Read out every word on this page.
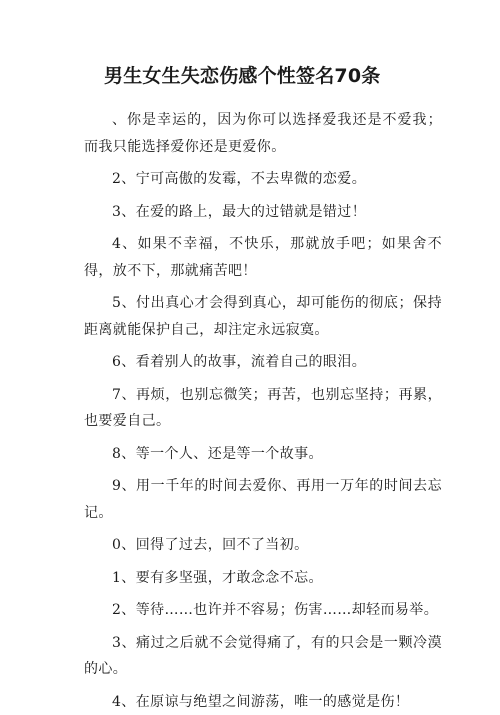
男生女生失恋伤感个性签名70条

、你是幸运的，因为你可以选择爱我还是不爱我；而我只能选择爱你还是更爱你。

2、宁可高傲的发霉，不去卑微的恋爱。

3、在爱的路上，最大的过错就是错过！

4、如果不幸福，不快乐，那就放手吧；如果舍不得，放不下，那就痛苦吧！

5、付出真心才会得到真心，却可能伤的彻底；保持距离就能保护自己，却注定永远寂寞。

6、看着别人的故事，流着自己的眼泪。

7、再烦，也别忘微笑；再苦，也别忘坚持；再累，也要爱自己。

8、等一个人、还是等一个故事。

9、用一千年的时间去爱你、再用一万年的时间去忘记。

0、回得了过去，回不了当初。

1、要有多坚强，才敢念念不忘。

2、等待……也许并不容易；伤害……却轻而易举。

3、痛过之后就不会觉得痛了，有的只会是一颗冷漠的心。

4、在原谅与绝望之间游荡，唯一的感觉是伤！
